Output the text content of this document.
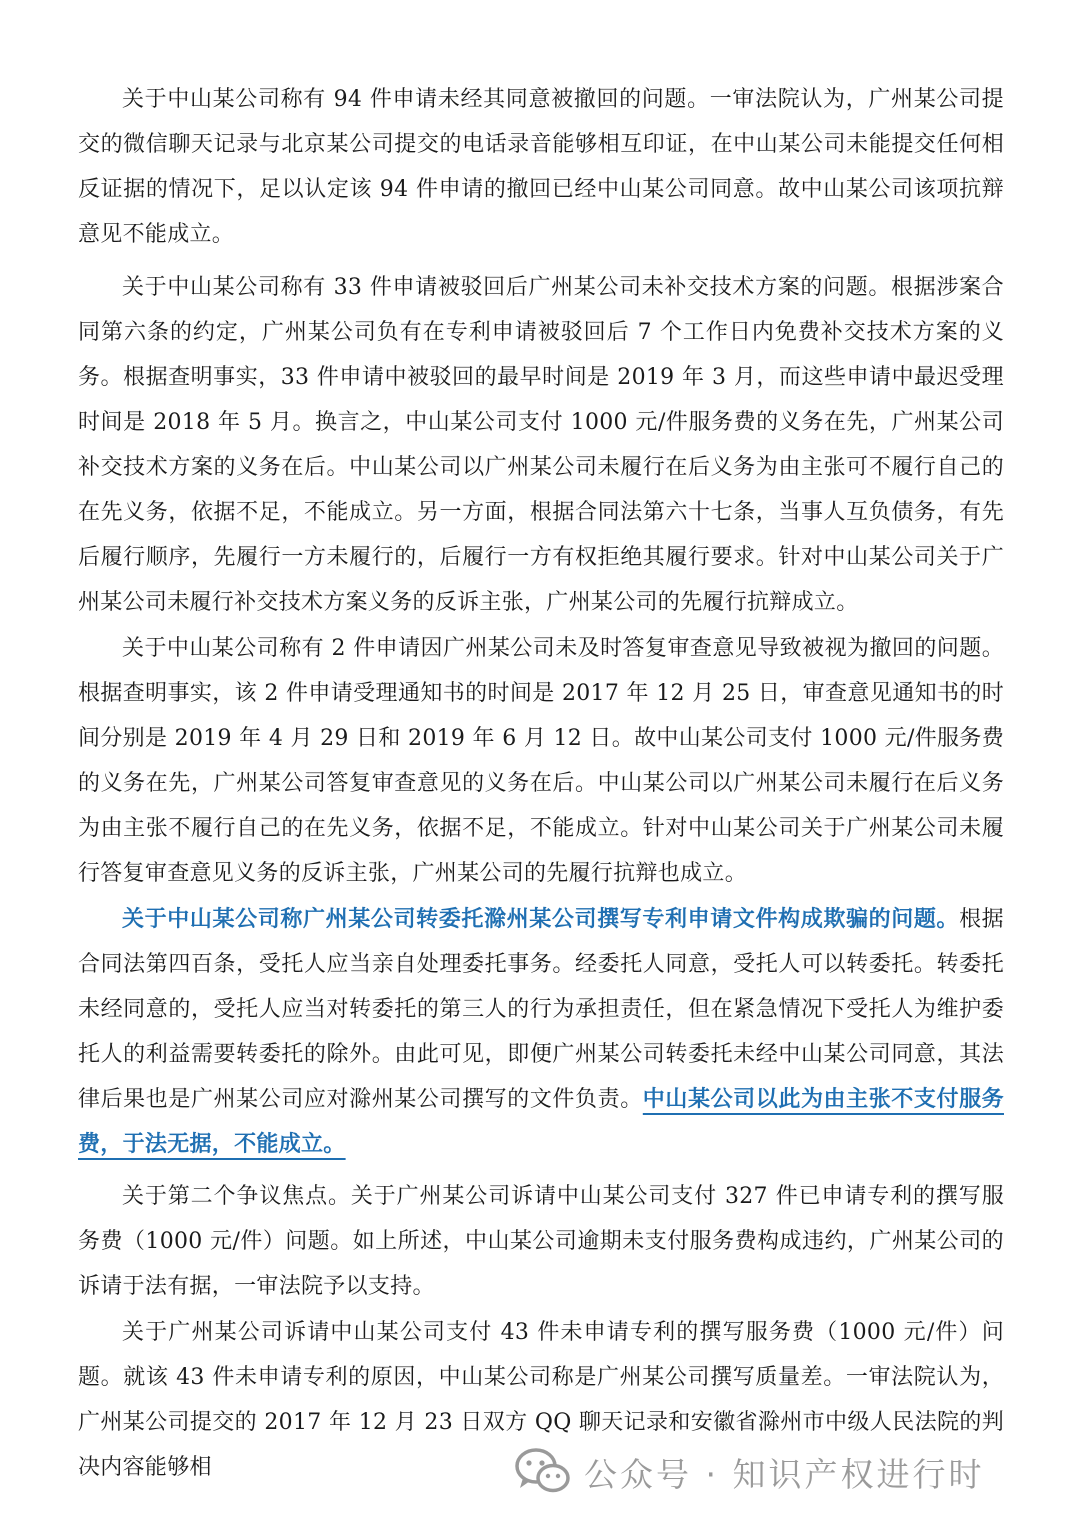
关于中山某公司称有 94 件申请未经其同意被撤回的问题。一审法院认为，广州某公司提交的微信聊天记录与北京某公司提交的电话录音能够相互印证，在中山某公司未能提交任何相反证据的情况下，足以认定该 94 件申请的撤回已经中山某公司同意。故中山某公司该项抗辩意见不能成立。

关于中山某公司称有 33 件申请被驳回后广州某公司未补交技术方案的问题。根据涉案合同第六条的约定，广州某公司负有在专利申请被驳回后 7 个工作日内免费补交技术方案的义务。根据查明事实，33 件申请中被驳回的最早时间是 2019 年 3 月，而这些申请中最迟受理时间是 2018 年 5 月。换言之，中山某公司支付 1000 元/件服务费的义务在先，广州某公司补交技术方案的义务在后。中山某公司以广州某公司未履行在后义务为由主张可不履行自己的在先义务，依据不足，不能成立。另一方面，根据合同法第六十七条，当事人互负债务，有先后履行顺序，先履行一方未履行的，后履行一方有权拒绝其履行要求。针对中山某公司关于广州某公司未履行补交技术方案义务的反诉主张，广州某公司的先履行抗辩成立。

关于中山某公司称有 2 件申请因广州某公司未及时答复审查意见导致被视为撤回的问题。根据查明事实，该 2 件申请受理通知书的时间是 2017 年 12 月 25 日，审查意见通知书的时间分别是 2019 年 4 月 29 日和 2019 年 6 月 12 日。故中山某公司支付 1000 元/件服务费的义务在先，广州某公司答复审查意见的义务在后。中山某公司以广州某公司未履行在后义务为由主张不履行自己的在先义务，依据不足，不能成立。针对中山某公司关于广州某公司未履行答复审查意见义务的反诉主张，广州某公司的先履行抗辩也成立。

关于中山某公司称广州某公司转委托滁州某公司撰写专利申请文件构成欺骗的问题。根据合同法第四百条，受托人应当亲自处理委托事务。经委托人同意，受托人可以转委托。转委托未经同意的，受托人应当对转委托的第三人的行为承担责任，但在紧急情况下受托人为维护委托人的利益需要转委托的除外。由此可见，即便广州某公司转委托未经中山某公司同意，其法律后果也是广州某公司应对滁州某公司撰写的文件负责。中山某公司以此为由主张不支付服务费，于法无据，不能成立。

关于第二个争议焦点。关于广州某公司诉请中山某公司支付 327 件已申请专利的撰写服务费（1000 元/件）问题。如上所述，中山某公司逾期未支付服务费构成违约，广州某公司的诉请于法有据，一审法院予以支持。

关于广州某公司诉请中山某公司支付 43 件未申请专利的撰写服务费（1000 元/件）问题。就该 43 件未申请专利的原因，中山某公司称是广州某公司撰写质量差。一审法院认为，广州某公司提交的 2017 年 12 月 23 日双方 QQ 聊天记录和安徽省滁州市中级人民法院的判决内容能够相	公众号 · 知识产权进行时
